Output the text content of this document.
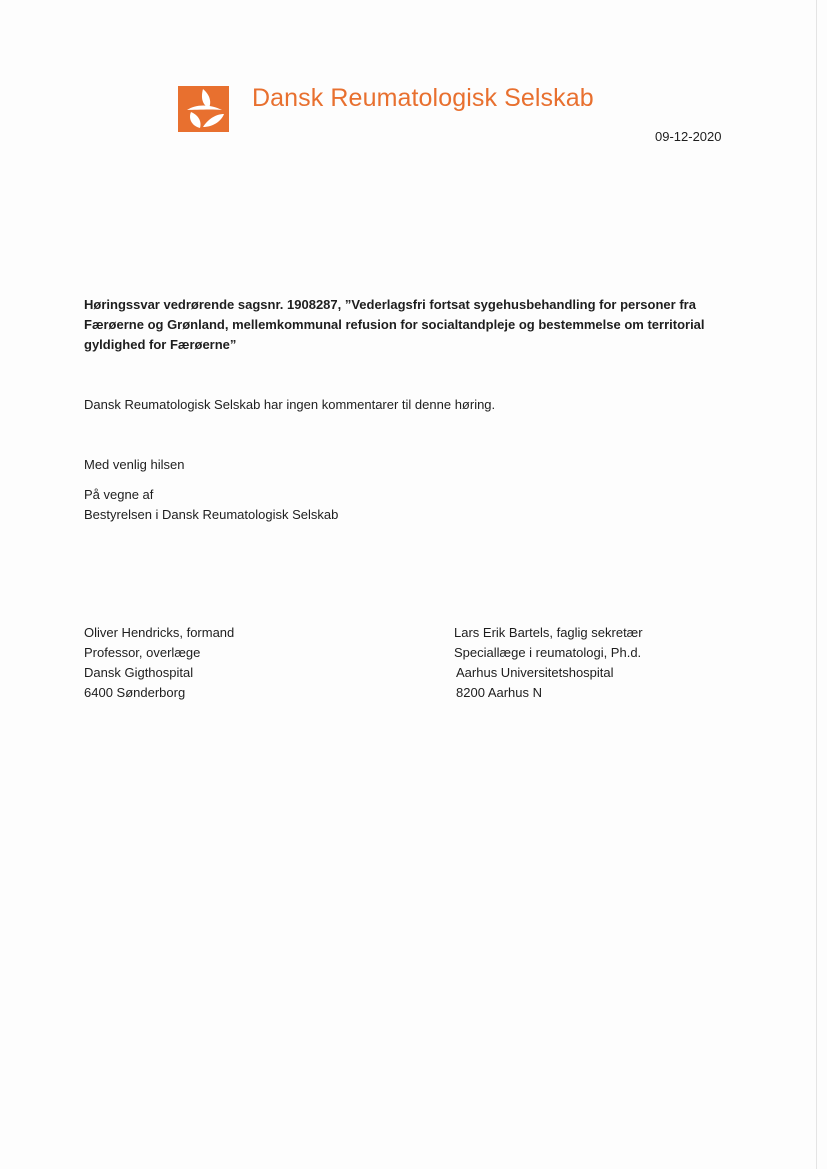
Dansk Reumatologisk Selskab
09-12-2020
Høringssvar vedrørende sagsnr. 1908287, ”Vederlagsfri fortsat sygehusbehandling for personer fra Færøerne og Grønland, mellemkommunal refusion for socialtandpleje og bestemmelse om territorial gyldighed for Færøerne”
Dansk Reumatologisk Selskab har ingen kommentarer til denne høring.
Med venlig hilsen
På vegne af
Bestyrelsen i Dansk Reumatologisk Selskab
Oliver Hendricks, formand
Professor, overlæge
Dansk Gigthospital
6400 Sønderborg
Lars Erik Bartels, faglig sekretær
Speciallæge i reumatologi, Ph.d.
Aarhus Universitetshospital
8200 Aarhus N
